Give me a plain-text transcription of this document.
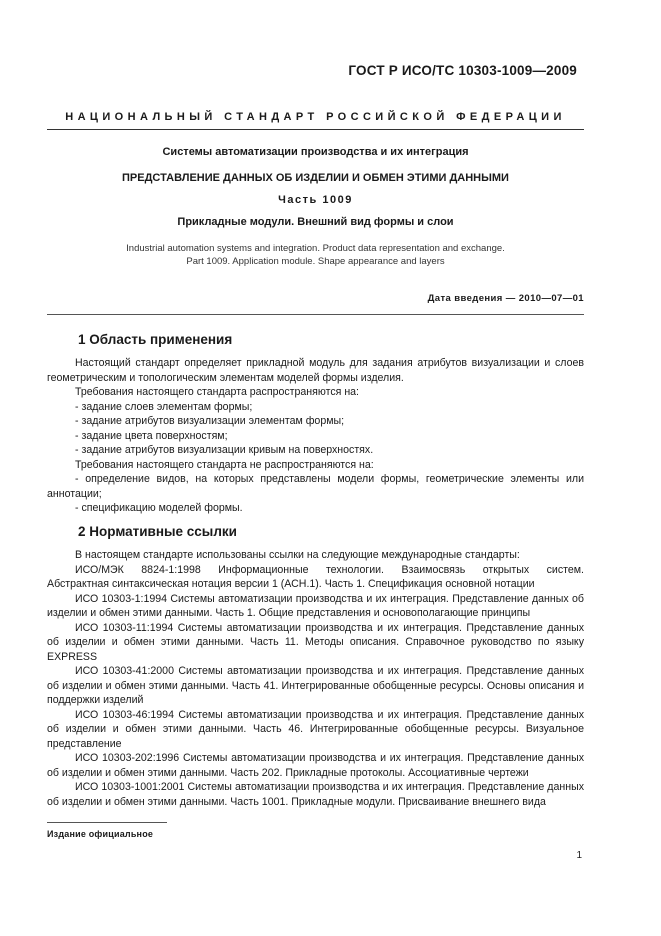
ГОСТ Р ИСО/ТС 10303-1009—2009
НАЦИОНАЛЬНЫЙ СТАНДАРТ РОССИЙСКОЙ ФЕДЕРАЦИИ
Системы автоматизации производства и их интеграция
ПРЕДСТАВЛЕНИЕ ДАННЫХ ОБ ИЗДЕЛИИ И ОБМЕН ЭТИМИ ДАННЫМИ
Часть 1009
Прикладные модули. Внешний вид формы и слои
Industrial automation systems and integration. Product data representation and exchange.
Part 1009. Application module. Shape appearance and layers
Дата введения — 2010—07—01
1 Область применения

Настоящий стандарт определяет прикладной модуль для задания атрибутов визуализации и слоев геометрическим и топологическим элементам моделей формы изделия.

Требования настоящего стандарта распространяются на:

- задание слоев элементам формы;

- задание атрибутов визуализации элементам формы;

- задание цвета поверхностям;

- задание атрибутов визуализации кривым на поверхностях.

Требования настоящего стандарта не распространяются на:

- определение видов, на которых представлены модели формы, геометрические элементы или аннотации;

- спецификацию моделей формы.

2 Нормативные ссылки

В настоящем стандарте использованы ссылки на следующие международные стандарты:

ИСО/МЭК 8824-1:1998 Информационные технологии. Взаимосвязь открытых систем.

Абстрактная синтаксическая нотация версии 1 (АСН.1). Часть 1. Спецификация основной нотации

ИСО 10303-1:1994 Системы автоматизации производства и их интеграция. Представление данных об изделии и обмен этими данными. Часть 1. Общие представления и основополагающие принципы

ИСО 10303-11:1994 Системы автоматизации производства и их интеграция. Представление данных об изделии и обмен этими данными. Часть 11. Методы описания. Справочное руководство по языку EXPRESS

ИСО 10303-41:2000 Системы автоматизации производства и их интеграция. Представление данных об изделии и обмен этими данными. Часть 41. Интегрированные обобщенные ресурсы. Основы описания и поддержки изделий

ИСО 10303-46:1994 Системы автоматизации производства и их интеграция. Представление данных об изделии и обмен этими данными. Часть 46. Интегрированные обобщенные ресурсы. Визуальное представление

ИСО 10303-202:1996 Системы автоматизации производства и их интеграция. Представление данных об изделии и обмен этими данными. Часть 202. Прикладные протоколы. Ассоциативные чертежи

ИСО 10303-1001:2001 Системы автоматизации производства и их интеграция. Представление данных об изделии и обмен этими данными. Часть 1001. Прикладные модули. Присваивание внешнего вида

Издание официальное
1
